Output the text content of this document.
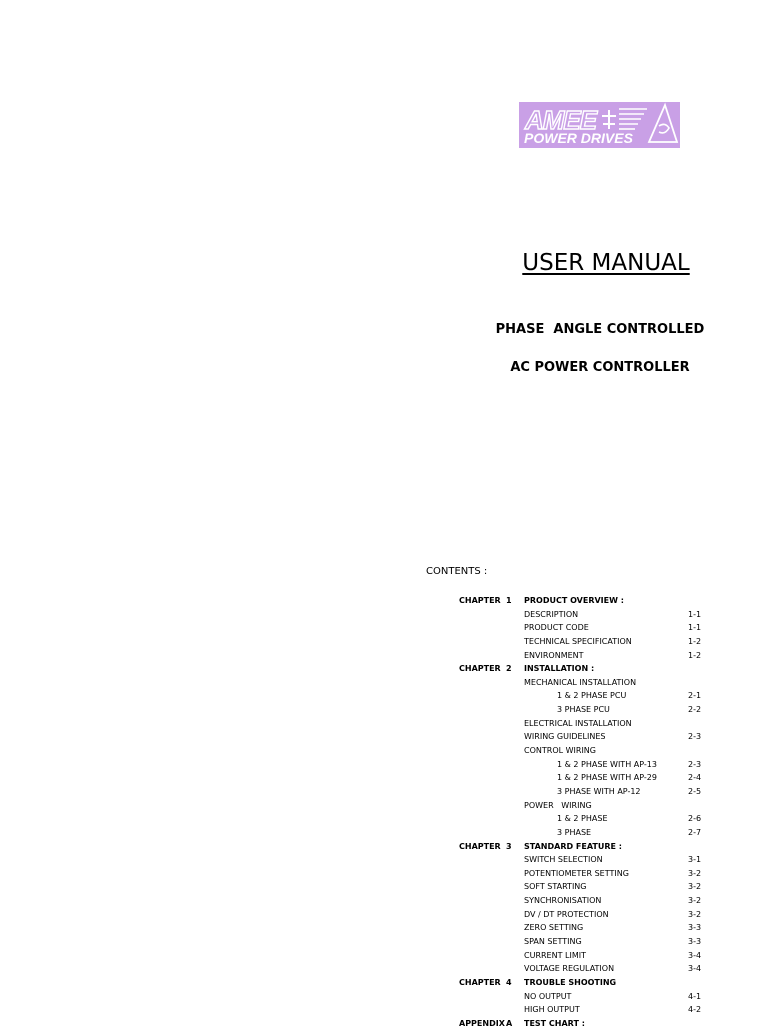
AMEE
POWER DRIVES
USER MANUAL
PHASE  ANGLE CONTROLLED
AC POWER CONTROLLER
CONTENTS :
CHAPTER 1 PRODUCT OVERVIEW :
DESCRIPTION	1-1
PRODUCT CODE	1-1
TECHNICAL SPECIFICATION	1-2
ENVIRONMENT	1-2
CHAPTER 2 INSTALLATION :
MECHANICAL INSTALLATION
1 & 2 PHASE PCU	2-1
3 PHASE PCU	2-2
ELECTRICAL INSTALLATION
WIRING GUIDELINES	2-3
CONTROL WIRING
1 & 2 PHASE WITH AP-13	2-3
1 & 2 PHASE WITH AP-29	2-4
3 PHASE WITH AP-12	2-5
POWER   WIRING
1 & 2 PHASE	2-6
3 PHASE	2-7
CHAPTER 3 STANDARD FEATURE :
SWITCH SELECTION	3-1
POTENTIOMETER SETTING	3-2
SOFT STARTING	3-2
SYNCHRONISATION	3-2
DV / DT PROTECTION	3-2
ZERO SETTING	3-3
SPAN SETTING	3-3
CURRENT LIMIT	3-4
VOLTAGE REGULATION	3-4
CHAPTER 4 TROUBLE SHOOTING
NO OUTPUT	4-1
HIGH OUTPUT	4-2
APPENDIX A TEST CHART :
